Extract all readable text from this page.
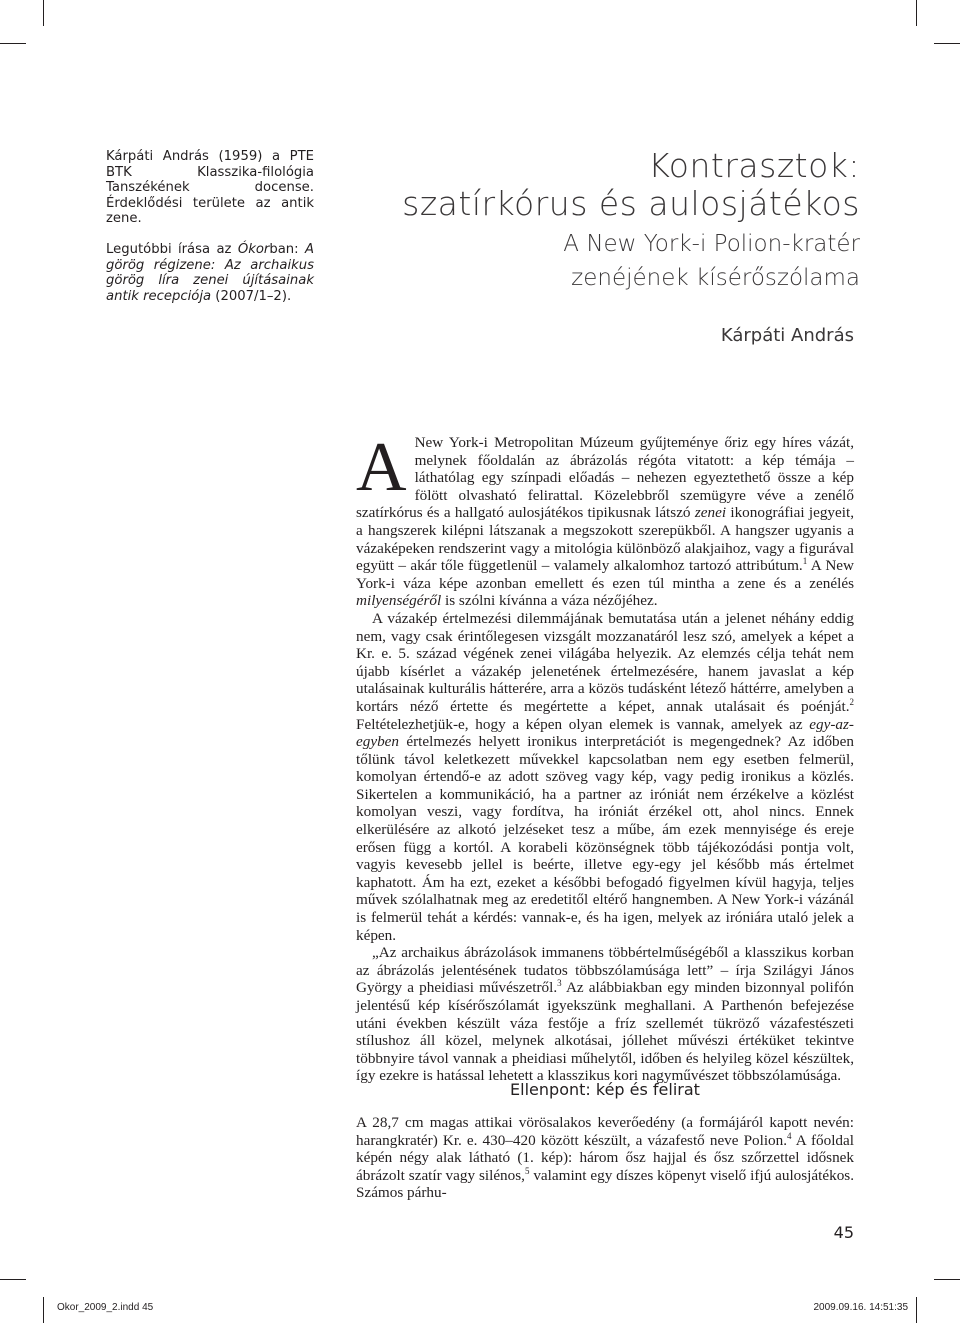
Kárpáti András (1959) a PTE BTK Klasszika-filológia Tanszékének docense. Érdeklődési területe az antik zene.

Legutóbbi írása az Ókorban: A görög régizene: Az archaikus görög líra zenei újításainak antik recepciója (2007/1–2).

Kontrasztok:
szatírkórus és aulosjátékos
A New York-i Polion-kratér
zenéjének kísérőszólama
Kárpáti András

A New York-i Metropolitan Múzeum gyűjteménye őriz egy híres vázát, melynek főoldalán az ábrázolás régóta vitatott: a kép témája – láthatólag egy színpadi előadás – nehezen egyeztethető össze a kép fölött olvasható felirattal. Közelebbről szemügyre véve a zenélő szatírkórus és a hallgató aulosjátékos tipikusnak látszó zenei ikonográfiai jegyeit, a hangszerek kilépni látszanak a megszokott szerepükből. A hangszer ugyanis a vázaképeken rendszerint vagy a mitológia különböző alakjaihoz, vagy a figurával együtt – akár tőle függetlenül – valamely alkalomhoz tartozó attribútum.$^1$ A New York-i váza képe azonban emellett és ezen túl mintha a zene és a zenélés milyenségéről is szólni kívánna a váza nézőjéhez.

A vázakép értelmezési dilemmájának bemutatása után a jelenet néhány eddig nem, vagy csak érintőlegesen vizsgált mozzanatáról lesz szó, amelyek a képet a Kr. e. 5. század végének zenei világába helyezik. Az elemzés célja tehát nem újabb kísérlet a vázakép jelenetének értelmezésére, hanem javaslat a kép utalásainak kulturális hátterére, arra a közös tudásként létező háttérre, amelyben a kortárs néző értette és megértette a képet, annak utalásait és poénját.$^2$ Feltételezhetjük-e, hogy a képen olyan elemek is vannak, amelyek az egy-az-egyben értelmezés helyett ironikus interpretációt is megengednek? Az időben tőlünk távol keletkezett művekkel kapcsolatban nem egy esetben felmerül, komolyan értendő-e az adott szöveg vagy kép, vagy pedig ironikus a közlés. Sikertelen a kommunikáció, ha a partner az iróniát nem érzékelve a közlést komolyan veszi, vagy fordítva, ha iróniát érzékel ott, ahol nincs. Ennek elkerülésére az alkotó jelzéseket tesz a műbe, ám ezek mennyisége és ereje erősen függ a kortól. A korabeli közönségnek több tájékozódási pontja volt, vagyis kevesebb jellel is beérte, illetve egy-egy jel később más értelmet kaphatott. Ám ha ezt, ezeket a későbbi befogadó figyelmen kívül hagyja, teljes művek szólalhatnak meg az eredetitől eltérő hangnemben. A New York-i vázánál is felmerül tehát a kérdés: vannak-e, és ha igen, melyek az iróniára utaló jelek a képen.

„Az archaikus ábrázolások immanens többértelműségéből a klasszikus korban az ábrázolás jelentésének tudatos többszólamúsága lett” – írja Szilágyi János György a pheidiasi művészetről.$^3$ Az alábbiakban egy minden bizonnyal polifón jelentésű kép kísérőszólamát igyekszünk meghallani. A Parthenón befejezése utáni években készült váza festője a fríz szellemét tükröző vázafestészeti stílushoz áll közel, melynek alkotásai, jóllehet művészi értéküket tekintve többnyire távol vannak a pheidiasi műhelytől, időben és helyileg közel készültek, így ezekre is hatással lehetett a klasszikus kori nagyművészet többszólamúsága.

Ellenpont: kép és felirat

A 28,7 cm magas attikai vörösalakos keverőedény (a formájáról kapott nevén: harangkratér) Kr. e. 430–420 között készült, a vázafestő neve Polion.$^4$ A főoldal képén négy alak látható (1. kép): három ősz hajjal és ősz szőrzettel idősnek ábrázolt szatír vagy silénos,$^5$ valamint egy díszes köpenyt viselő ifjú aulosjátékos. Számos párhu-

45
Okor_2009_2.indd 45	2009.09.16. 14:51:35
